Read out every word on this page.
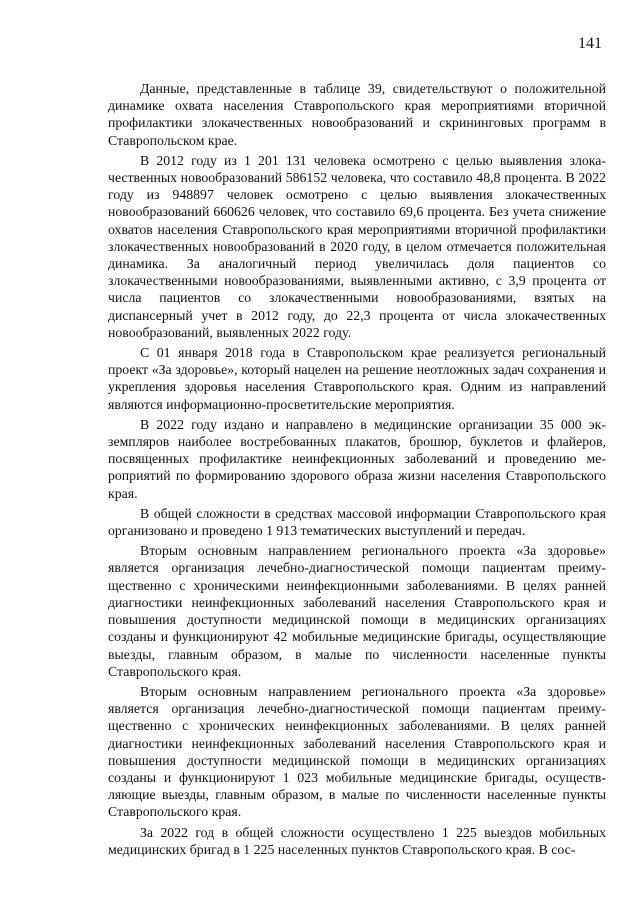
141

Данные, представленные в таблице 39, свидетельствуют о положительной динамике охвата населения Ставропольского края мероприятиями вторичной профилактики злокачественных новообразований и скрининговых программ в Ставропольском крае.

В 2012 году из 1 201 131 человека осмотрено с целью выявления злокачественных новообразований 586152 человека, что составило 48,8 процента. В 2022 году из 948897 человек осмотрено с целью выявления злокачественных новообразований 660626 человек, что составило 69,6 процента. Без учета снижение охватов населения Ставропольского края мероприятиями вторичной профилактики злокачественных новообразований в 2020 году, в целом отмечается положительная динамика. За аналогичный период увеличилась доля пациентов со злокачественными новообразованиями, выявленными активно, с 3,9 процента от числа пациентов со злокачественными новообразованиями, взятых на диспансерный учет в 2012 году, до 22,3 процента от числа злокачественных новообразований, выявленных 2022 году.

С 01 января 2018 года в Ставропольском крае реализуется региональный проект «За здоровье», который нацелен на решение неотложных задач сохранения и укрепления здоровья населения Ставропольского края. Одним из направлений являются информационно-просветительские мероприятия.

В 2022 году издано и направлено в медицинские организации 35 000 экземпляров наиболее востребованных плакатов, брошюр, буклетов и флайеров, посвященных профилактике неинфекционных заболеваний и проведению мероприятий по формированию здорового образа жизни населения Ставропольского края.

В общей сложности в средствах массовой информации Ставропольского края организовано и проведено 1 913 тематических выступлений и передач.

Вторым основным направлением регионального проекта «За здоровье» является организация лечебно-диагностической помощи пациентам преимущественно с хроническими неинфекционными заболеваниями. В целях ранней диагностики неинфекционных заболеваний населения Ставропольского края и повышения доступности медицинской помощи в медицинских организациях созданы и функционируют 42 мобильные медицинские бригады, осуществляющие выезды, главным образом, в малые по численности населенные пункты Ставропольского края.

Вторым основным направлением регионального проекта «За здоровье» является организация лечебно-диагностической помощи пациентам преимущественно с хронических неинфекционных заболеваниями. В целях ранней диагностики неинфекционных заболеваний населения Ставропольского края и повышения доступности медицинской помощи в медицинских организациях созданы и функционируют 1 023 мобильные медицинские бригады, осуществляющие выезды, главным образом, в малые по численности населенные пункты Ставропольского края.

За 2022 год в общей сложности осуществлено 1 225 выездов мобильных медицинских бригад в 1 225 населенных пунктов Ставропольского края. В сос-
